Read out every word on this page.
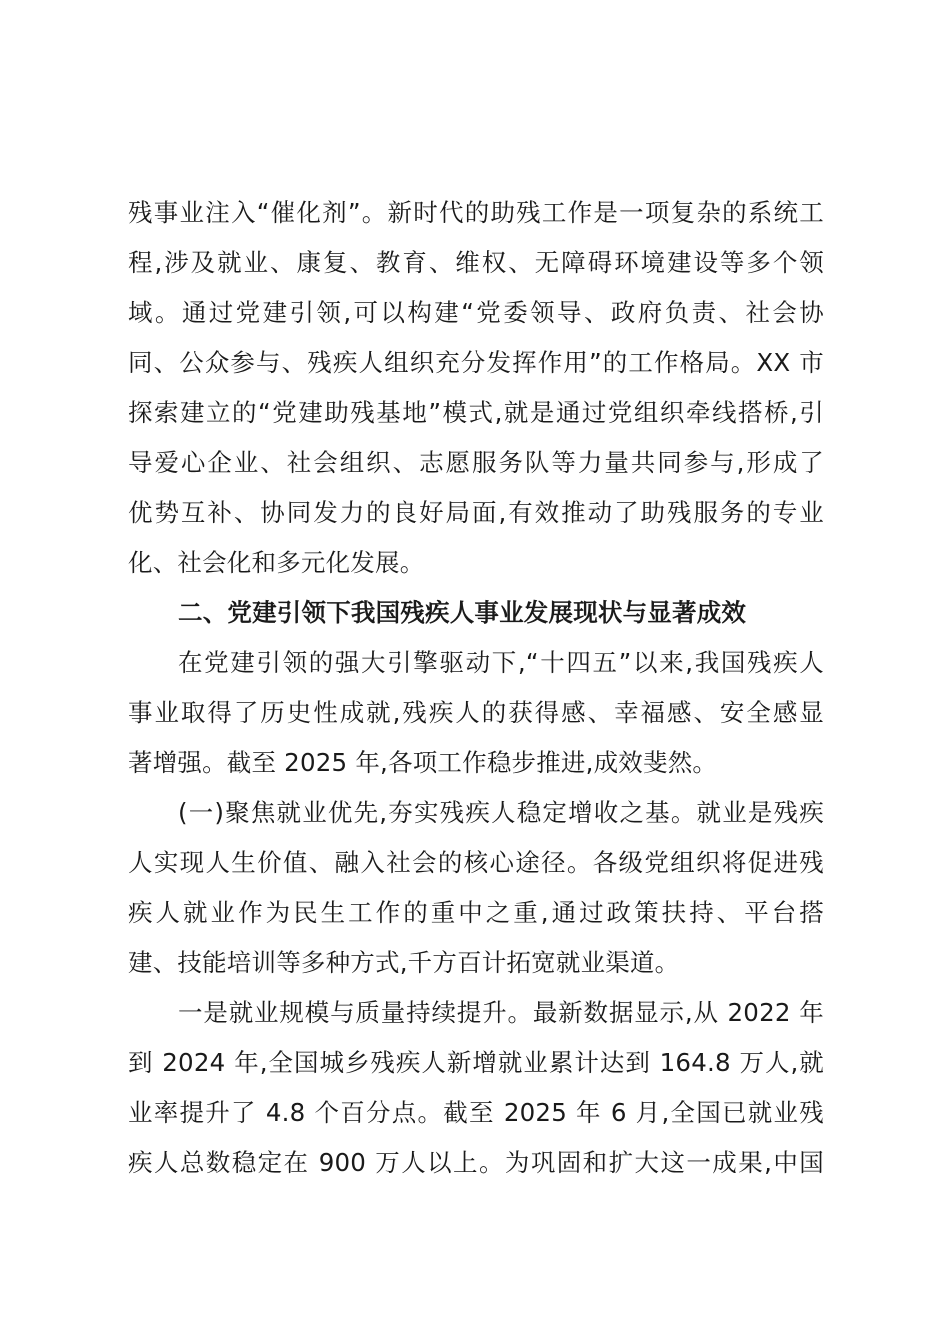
残事业注入“催化剂”。新时代的助残工作是一项复杂的系统工
程,涉及就业、康复、教育、维权、无障碍环境建设等多个领
域。通过党建引领,可以构建“党委领导、政府负责、社会协
同、公众参与、残疾人组织充分发挥作用”的工作格局。XX 市
探索建立的“党建助残基地”模式,就是通过党组织牵线搭桥,引
导爱心企业、社会组织、志愿服务队等力量共同参与,形成了
优势互补、协同发力的良好局面,有效推动了助残服务的专业
化、社会化和多元化发展。
二、党建引领下我国残疾人事业发展现状与显著成效
在党建引领的强大引擎驱动下,“十四五”以来,我国残疾人
事业取得了历史性成就,残疾人的获得感、幸福感、安全感显
著增强。截至 2025 年,各项工作稳步推进,成效斐然。
(一)聚焦就业优先,夯实残疾人稳定增收之基。就业是残疾
人实现人生价值、融入社会的核心途径。各级党组织将促进残
疾人就业作为民生工作的重中之重,通过政策扶持、平台搭
建、技能培训等多种方式,千方百计拓宽就业渠道。
一是就业规模与质量持续提升。最新数据显示,从 2022 年
到 2024 年,全国城乡残疾人新增就业累计达到 164.8 万人,就
业率提升了 4.8 个百分点。截至 2025 年 6 月,全国已就业残
疾人总数稳定在 900 万人以上。为巩固和扩大这一成果,中国
